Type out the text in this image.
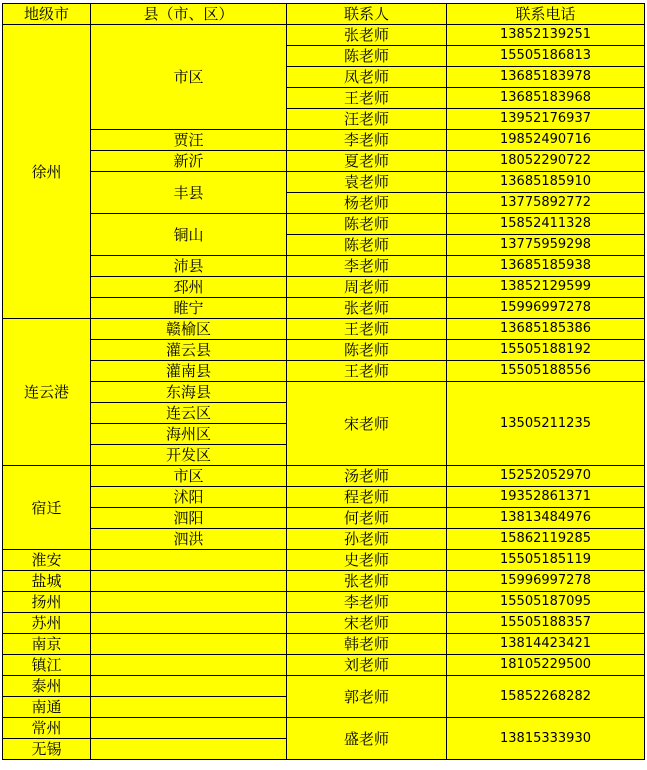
地级市	县（市、区）	联系人	联系电话
徐州	市区	张老师	13852139251
		陈老师	15505186813
		凤老师	13685183978
		王老师	13685183968
		汪老师	13952176937
	贾汪	李老师	19852490716
	新沂	夏老师	18052290722
	丰县	袁老师	13685185910
		杨老师	13775892772
	铜山	陈老师	15852411328
		陈老师	13775959298
	沛县	李老师	13685185938
	邳州	周老师	13852129599
	睢宁	张老师	15996997278
连云港	赣榆区	王老师	13685185386
	灌云县	陈老师	15505188192
	灌南县	王老师	15505188556
	东海县	宋老师	13505211235
	连云区		
	海州区		
	开发区		
宿迁	市区	汤老师	15252052970
	沭阳	程老师	19352861371
	泗阳	何老师	13813484976
	泗洪	孙老师	15862119285
淮安		史老师	15505185119
盐城		张老师	15996997278
扬州		李老师	15505187095
苏州		宋老师	15505188357
南京		韩老师	13814423421
镇江		刘老师	18105229500
泰州		郭老师	15852268282
南通			
常州		盛老师	13815333930
无锡			
